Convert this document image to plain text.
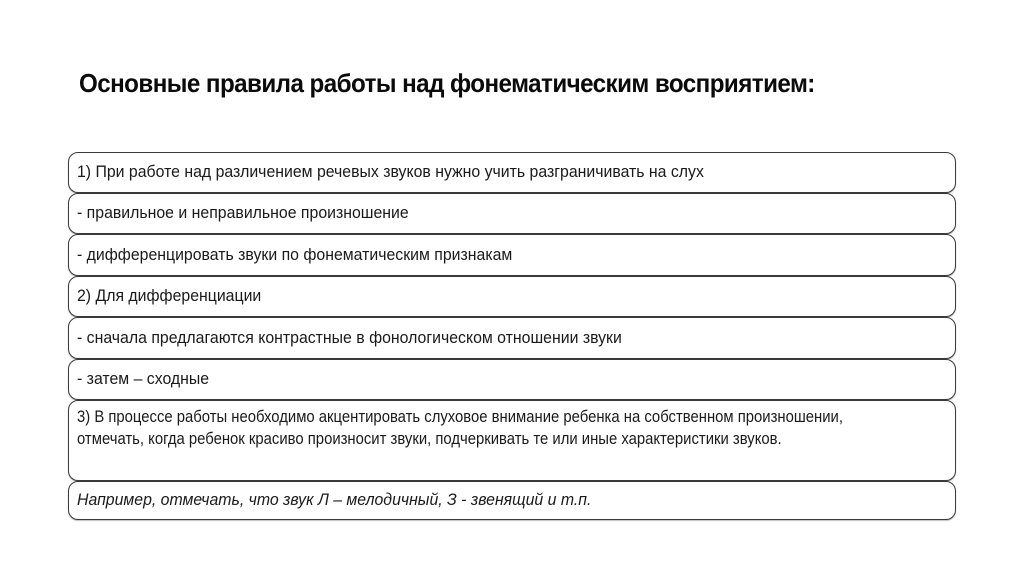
Основные правила работы над фонематическим восприятием:
1) При работе над различением речевых звуков нужно учить разграничивать на слух
- правильное и неправильное произношение
- дифференцировать звуки по фонематическим признакам
2) Для дифференциации
- сначала предлагаются контрастные в фонологическом отношении звуки
- затем – сходные
3) В процессе работы необходимо акцентировать слуховое внимание ребенка на собственном произношении, отмечать, когда ребенок красиво произносит звуки, подчеркивать те или иные характеристики звуков.
Например, отмечать, что звук Л – мелодичный, З - звенящий и т.п.
